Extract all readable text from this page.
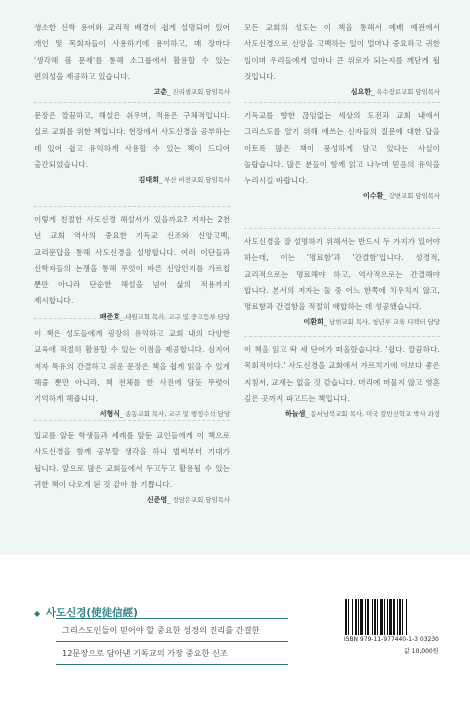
생소한 신학 용어와 교리적 배경이 쉽게 설명되어 있어 개인 및 목회자들이 사용하기에 용이하고, 매 장마다 '생각해 볼 문제'를 통해 소그룹에서 활용할 수 있는 편의성을 제공하고 있습니다.
고춘_ 진리샘교회 담임목사
문장은 깔끔하고, 해설은 쉬우며, 적용은 구체적입니다. 실로 교회를 위한 책입니다. 현장에서 사도신경을 공부하는 데 있어 쉽고 유익하게 사용할 수 있는 책이 드디어 출간되었습니다.
김태희_ 부산 비전교회 담임목사
이렇게 친절한 사도신경 해설서가 있을까요? 저자는 2천 년 교회 역사의 중요한 기독교 신조와 신앙고백, 교리문답을 통해 사도신경을 설명합니다. 여러 이단들과 신학자들의 논쟁을 통해 무엇이 바른 신앙인지를 가르칩 뿐만 아니라 단순한 해설을 넘어 삶의 적용까지 제시합니다.
배준호_ 대원교회 목사, 교구 및 중고등부 담당
이 책은 성도들에게 굉장히 유익하고 교회 내의 다양한 교육에 적절히 활용할 수 있는 이점을 제공합니다. 심지어 저자 특유의 간결하고 쉬운 문장은 책을 쉽게 읽을 수 있게 해줄 뿐만 아니라, 책 전체를 한 사진에 담듯 뚜렷이 기억하게 해줍니다.
서형식_ 송동교회 목사, 교구 및 행정수석 담당
입교를 앞둔 학생들과 세례를 앞둔 교인들에게 이 책으로 사도신경을 함께 공부할 생각을 하니 벌써부터 기대가 됩니다. 앞으로 많은 교회들에서 두고두고 활용될 수 있는 귀한 책이 나오게 된 것 같아 참 기쁩니다.
신준영_ 정담은교회 담임목사
모든 교회의 성도는 이 책을 통해서 예배 예전에서 사도신경으로 신앙을 고백하는 일이 얼마나 중요하고 귀한 일이며 우리들에게 얼마나 큰 위로가 되는지를 깨닫게 될 것입니다.
심요한_ 옥수장로교회 담임목사
기독교를 향한 끊임없는 세상의 도전과 교회 내에서 그리스도를 알기 위해 애쓰는 신자들의 질문에 대한 답을 이토록 많은 책이 풍성하게 담고 있다는 사실이 놀랍습니다. 많은 분들이 함께 읽고 나누며 믿음의 유익을 누리시길 바랍니다.
이수환_ 강변교회 담임목사
사도신경을 잘 설명하기 위해서는 반드시 두 가지가 있어야 하는데, 이는 '명료함'과 '간결함'입니다. 성경적, 교리적으로는 명료해야 하고, 역사적으로는 간결해야 합니다. 본서의 저자는 둘 중 어느 한쪽에 치우치지 않고, 명료함과 간결함을 적절히 배합하는 데 성공했습니다.
이환희_ 남현교회 목사, 청년부 교육 디렉터 담당
이 책을 읽고 딱 세 단어가 떠올랐습니다. '쉽다. 깔끔하다. 목회적이다.' 사도신경을 교회에서 가르치기에 이보다 좋은 지침서, 교재는 없을 것 같습니다. 머리에 머물지 않고 영혼 깊은 곳까지 파고드는 책입니다.
하늘샘_ 동서남북교회 목사, 미국 칼빈신학교 박사 과정
◆ 사도신경(使徒信經)
그리스도인들이 믿어야 할 중요한 성경의 진리를 간결한
12문장으로 담아낸 기독교의 가장 중요한 신조
ISBN 979-11-977440-1-3 03230
값 10,000원
